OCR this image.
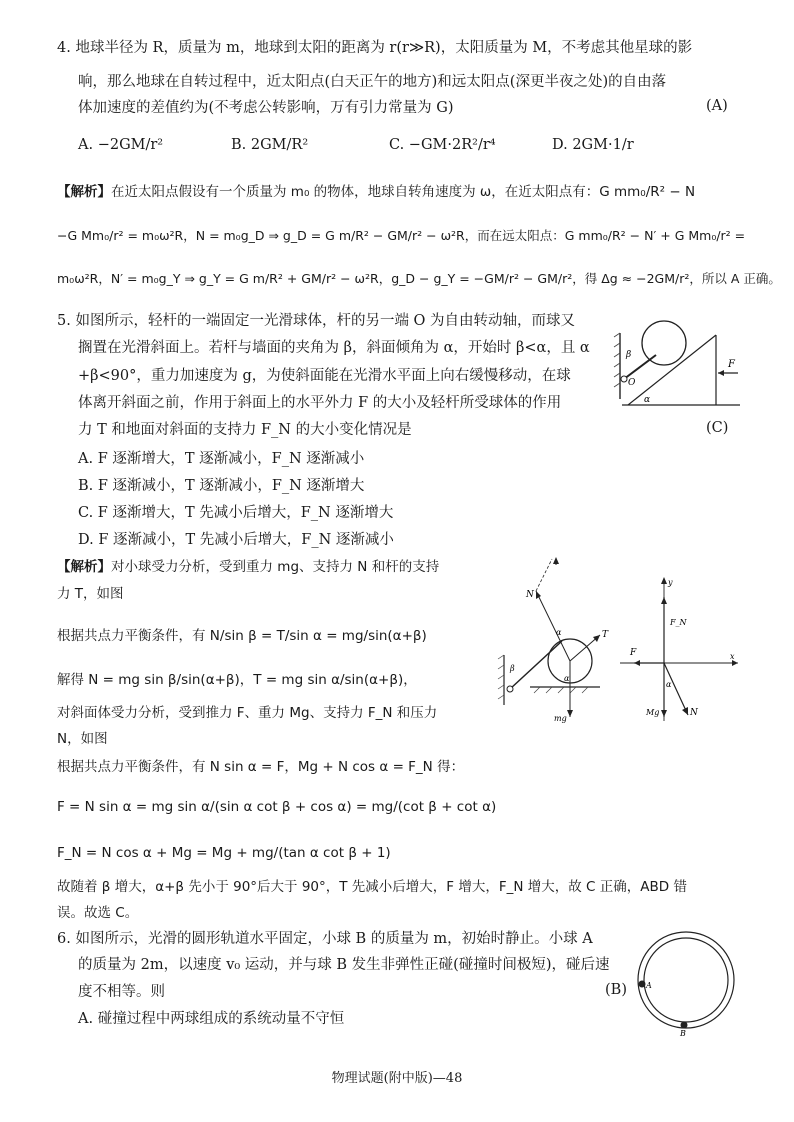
4. 地球半径为 R，质量为 m，地球到太阳的距离为 r(r≫R)，太阳质量为 M，不考虑其他星球的影
响，那么地球在自转过程中，近太阳点(白天正午的地方)和远太阳点(深更半夜之处)的自由落
体加速度的差值约为(不考虑公转影响，万有引力常量为 G)	(A)
A. −2GM/r²	B. 2GM/R²	C. −GM·2R²/r⁴	D. 2GM·1/r
【解析】在近太阳点假设有一个质量为 m₀ 的物体，地球自转角速度为 ω，在近太阳点有：G mm₀/R² − N
−G Mm₀/r² = m₀ω²R，N = m₀g_D ⇒ g_D = G m/R² − GM/r² − ω²R，而在远太阳点：G mm₀/R² − N′ + G Mm₀/r² =
m₀ω²R，N′ = m₀g_Y ⇒ g_Y = G m/R² + GM/r² − ω²R，g_D − g_Y = −GM/r² − GM/r²，得 Δg ≈ −2GM/r²，所以 A 正确。
5. 如图所示，轻杆的一端固定一光滑球体，杆的另一端 O 为自由转动轴，而球又
搁置在光滑斜面上。若杆与墙面的夹角为 β，斜面倾角为 α，开始时 β<α，且 α
+β<90°，重力加速度为 g，为使斜面能在光滑水平面上向右缓慢移动，在球
体离开斜面之前，作用于斜面上的水平外力 F 的大小及轻杆所受球体的作用
力 T 和地面对斜面的支持力 F_N 的大小变化情况是	(C)
A. F 逐渐增大，T 逐渐减小，F_N 逐渐减小
B. F 逐渐减小，T 逐渐减小，F_N 逐渐增大
C. F 逐渐增大，T 先减小后增大，F_N 逐渐增大
D. F 逐渐减小，T 先减小后增大，F_N 逐渐减小
O
β
α
F
【解析】对小球受力分析，受到重力 mg、支持力 N 和杆的支持
力 T，如图
根据共点力平衡条件，有 N/sin β = T/sin α = mg/sin(α+β)
解得 N = mg sin β/sin(α+β)，T = mg sin α/sin(α+β)，
对斜面体受力分析，受到推力 F、重力 Mg、支持力 F_N 和压力
N，如图
根据共点力平衡条件，有 N sin α = F，Mg + N cos α = F_N 得：
F = N sin α = mg sin α/(sin α cot β + cos α) = mg/(cot β + cot α)
F_N = N cos α + Mg = Mg + mg/(tan α cot β + 1)
故随着 β 增大，α+β 先小于 90°后大于 90°，T 先减小后增大，F 增大，F_N 增大，故 C 正确，ABD 错
误。故选 C。
N
T
mg
β
α
α
x
y
F_N
F
Mg	N
α
6. 如图所示，光滑的圆形轨道水平固定，小球 B 的质量为 m，初始时静止。小球 A
的质量为 2m，以速度 v₀ 运动，并与球 B 发生非弹性正碰(碰撞时间极短)，碰后速
度不相等。则	(B)
A. 碰撞过程中两球组成的系统动量不守恒
A
B
物理试题(附中版)—48
